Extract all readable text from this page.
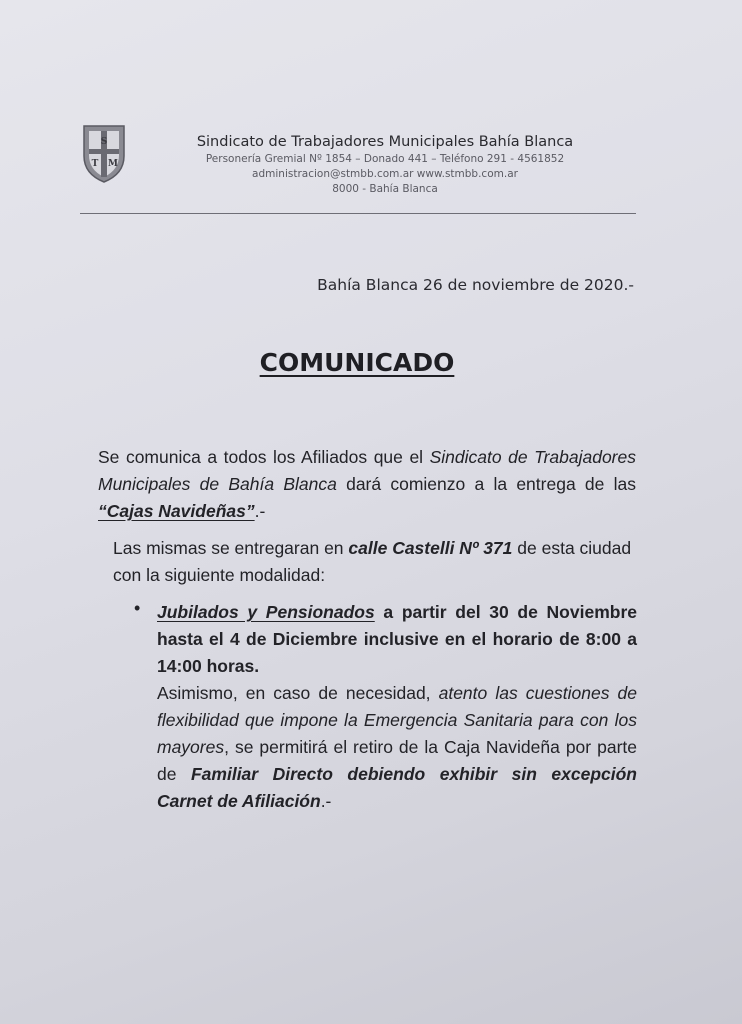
S
T M

Sindicato de Trabajadores Municipales Bahía Blanca

Personería Gremial Nº 1854 – Donado 441 – Teléfono 291 - 4561852

administracion@stmbb.com.ar www.stmbb.com.ar

8000 - Bahía Blanca

Bahía Blanca 26 de noviembre de 2020.-
COMUNICADO

Se comunica a todos los Afiliados que el Sindicato de Trabajadores Municipales de Bahía Blanca dará comienzo a la entrega de las “Cajas Navideñas”.-

Las mismas se entregaran en calle Castelli Nº 371 de esta ciudad con la siguiente modalidad:

• Jubilados y Pensionados a partir del 30 de Noviembre hasta el 4 de Diciembre inclusive en el horario de 8:00 a 14:00 horas.

Asimismo, en caso de necesidad, atento las cuestiones de flexibilidad que impone la Emergencia Sanitaria para con los mayores, se permitirá el retiro de la Caja Navideña por parte de Familiar Directo debiendo exhibir sin excepción Carnet de Afiliación.-
